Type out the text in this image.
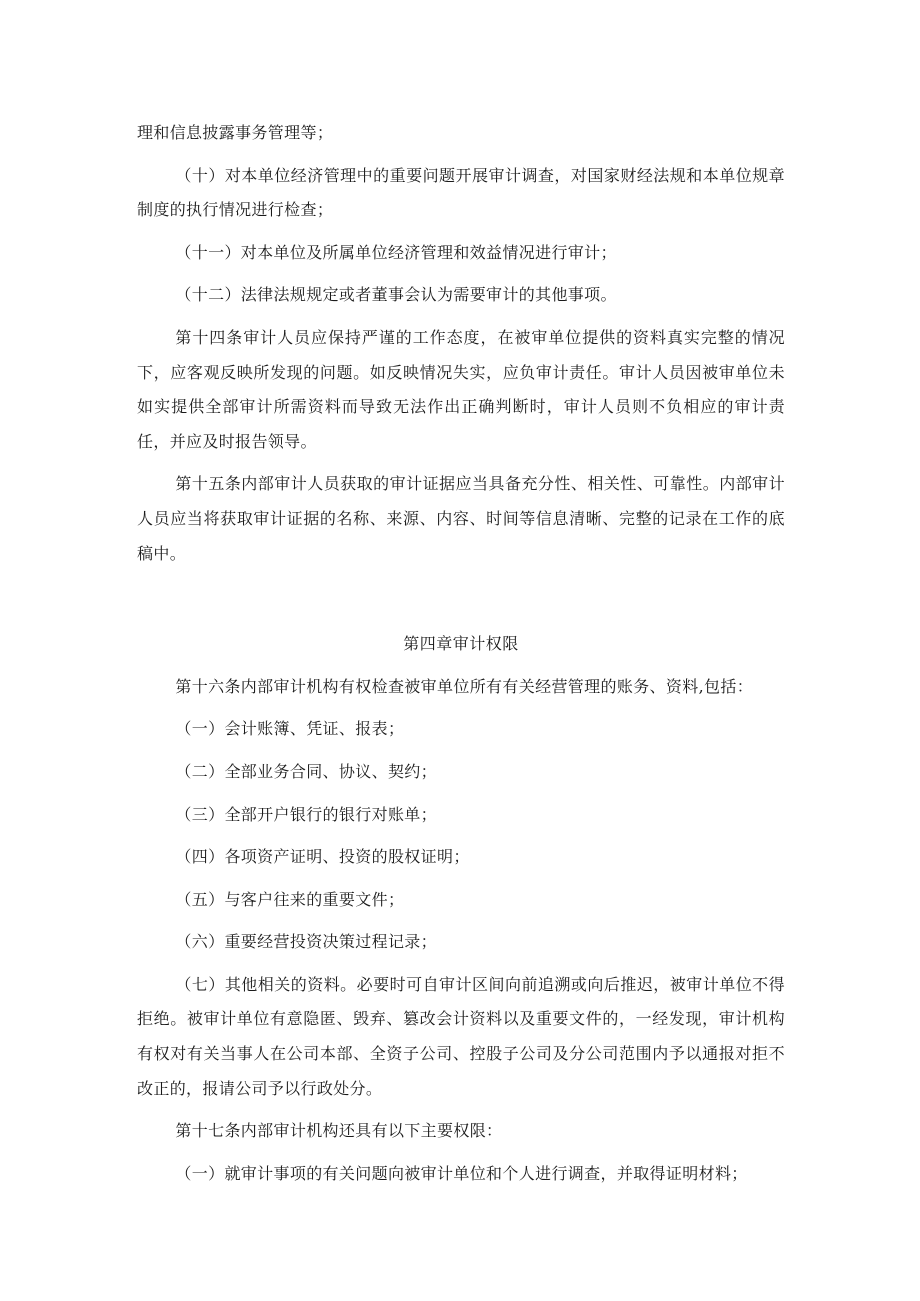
理和信息披露事务管理等；

（十）对本单位经济管理中的重要问题开展审计调查，对国家财经法规和本单位规章制度的执行情况进行检查；

（十一）对本单位及所属单位经济管理和效益情况进行审计；

（十二）法律法规规定或者董事会认为需要审计的其他事项。

第十四条审计人员应保持严谨的工作态度，在被审单位提供的资料真实完整的情况下，应客观反映所发现的问题。如反映情况失实，应负审计责任。审计人员因被审单位未如实提供全部审计所需资料而导致无法作出正确判断时，审计人员则不负相应的审计责任，并应及时报告领导。

第十五条内部审计人员获取的审计证据应当具备充分性、相关性、可靠性。内部审计人员应当将获取审计证据的名称、来源、内容、时间等信息清晰、完整的记录在工作的底稿中。

第四章审计权限

第十六条内部审计机构有权检查被审单位所有有关经营管理的账务、资料,包括：

（一）会计账簿、凭证、报表；

（二）全部业务合同、协议、契约；

（三）全部开户银行的银行对账单；

（四）各项资产证明、投资的股权证明；

（五）与客户往来的重要文件；

（六）重要经营投资决策过程记录；

（七）其他相关的资料。必要时可自审计区间向前追溯或向后推迟，被审计单位不得拒绝。被审计单位有意隐匿、毁弃、篡改会计资料以及重要文件的，一经发现，审计机构有权对有关当事人在公司本部、全资子公司、控股子公司及分公司范围内予以通报对拒不改正的，报请公司予以行政处分。

第十七条内部审计机构还具有以下主要权限：

（一）就审计事项的有关问题向被审计单位和个人进行调查，并取得证明材料；
